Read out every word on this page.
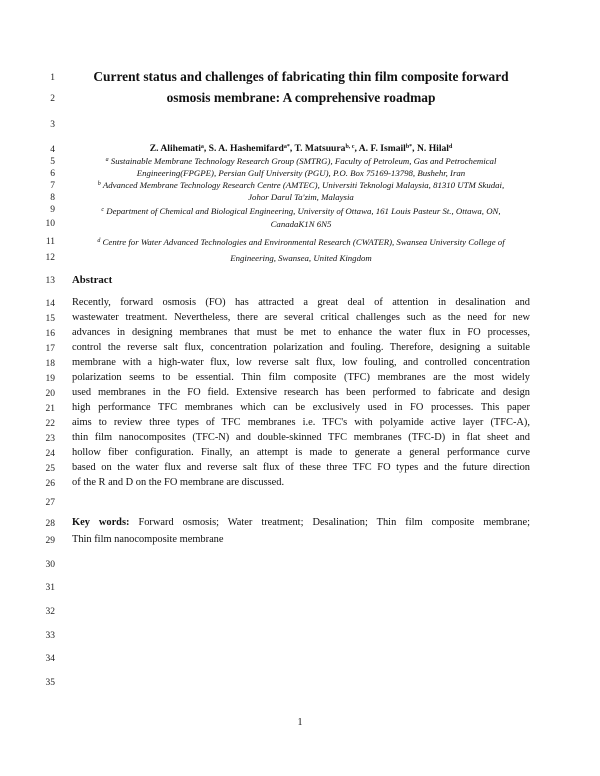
1
2
3
4
5
6
7
8
9
10
11
12
13
14
15
16
17
18
19
20
21
22
23
24
25
26
27
28
29
30
31
32
33
34
35
Current status and challenges of fabricating thin film composite forward
osmosis membrane: A comprehensive roadmap
Z. Alihemati$^a$, S. A. Hashemifard$^{a*}$, T. Matsuura$^{b, c}$, A. F. Ismail$^{b*}$, N. Hilal$^d$
$^a$ Sustainable Membrane Technology Research Group (SMTRG), Faculty of Petroleum, Gas and Petrochemical
Engineering(FPGPE), Persian Gulf University (PGU), P.O. Box 75169-13798, Bushehr, Iran
$^b$ Advanced Membrane Technology Research Centre (AMTEC), Universiti Teknologi Malaysia, 81310 UTM Skudai,
Johor Darul Ta'zim, Malaysia
$^c$ Department of Chemical and Biological Engineering, University of Ottawa, 161 Louis Pasteur St., Ottawa, ON,
CanadaK1N 6N5
$^d$ Centre for Water Advanced Technologies and Environmental Research (CWATER), Swansea University College of
Engineering, Swansea, United Kingdom
Abstract
Recently, forward osmosis (FO) has attracted a great deal of attention in desalination and
wastewater treatment. Nevertheless, there are several critical challenges such as the need for new
advances in designing membranes that must be met to enhance the water flux in FO processes,
control the reverse salt flux, concentration polarization and fouling. Therefore, designing a suitable
membrane with a high-water flux, low reverse salt flux, low fouling, and controlled concentration
polarization seems to be essential. Thin film composite (TFC) membranes are the most widely
used membranes in the FO field. Extensive research has been performed to fabricate and design
high performance TFC membranes which can be exclusively used in FO processes. This paper
aims to review three types of TFC membranes i.e. TFC's with polyamide active layer (TFC-A),
thin film nanocomposites (TFC-N) and double-skinned TFC membranes (TFC-D) in flat sheet and
hollow fiber configuration. Finally, an attempt is made to generate a general performance curve
based on the water flux and reverse salt flux of these three TFC FO types and the future direction
of the R and D on the FO membrane are discussed.
Key words: Forward osmosis; Water treatment; Desalination; Thin film composite membrane;
Thin film nanocomposite membrane
1
